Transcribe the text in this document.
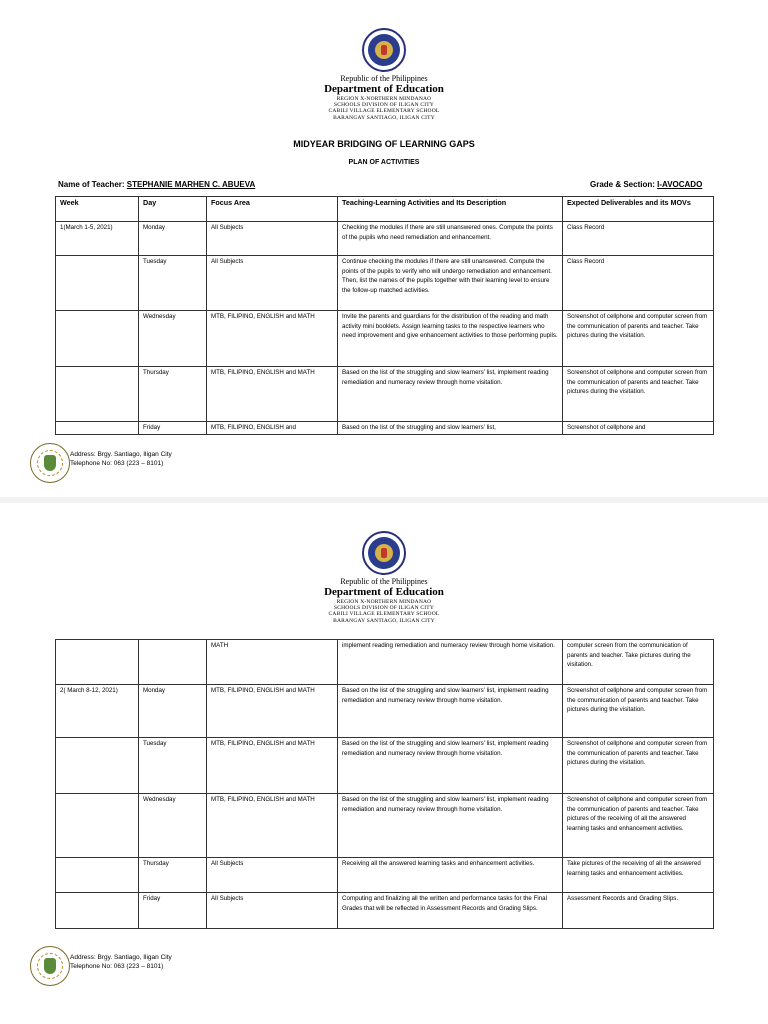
Republic of the Philippines
Department of Education
REGION X-NORTHERN MINDANAO
SCHOOLS DIVISION OF ILIGAN CITY
CABILI VILLAGE ELEMENTARY SCHOOL
BARANGAY SANTIAGO, ILIGAN CITY
MIDYEAR BRIDGING OF LEARNING GAPS
PLAN OF ACTIVITIES
Name of Teacher: STEPHANIE MARHEN C. ABUEVA	Grade & Section: I-AVOCADO
Week	Day	Focus Area	Teaching-Learning Activities and Its Description	Expected Deliverables and its MOVs
1(March 1-5, 2021)	Monday	All Subjects	Checking the modules if there are still unanswered ones. Compute the points of the pupils who need remediation and enhancement.	Class Record
	Tuesday	All Subjects	Continue checking the modules if there are still unanswered. Compute the points of the pupils to verify who will undergo remediation and enhancement. Then, list the names of the pupils together with their learning level to ensure the follow-up matched activities.	Class Record
	Wednesday	MTB, FILIPINO, ENGLISH and MATH	Invite the parents and guardians for the distribution of the reading and math activity mini booklets. Assign learning tasks to the respective learners who need improvement and give enhancement activities to those performing pupils.	Screenshot of cellphone and computer screen from the communication of parents and teacher. Take pictures during the visitation.
	Thursday	MTB, FILIPINO, ENGLISH and MATH	Based on the list of the struggling and slow learners' list, implement reading remediation and numeracy review through home visitation.	Screenshot of cellphone and computer screen from the communication of parents and teacher. Take pictures during the visitation.
	Friday	MTB, FILIPINO, ENGLISH and	Based on the list of the struggling and slow learners' list,	Screenshot of cellphone and
Address: Brgy. Santiago, Iligan City
Telephone No: 063 (223 – 8101)
Republic of the Philippines
Department of Education
REGION X-NORTHERN MINDANAO
SCHOOLS DIVISION OF ILIGAN CITY
CABILI VILLAGE ELEMENTARY SCHOOL
BARANGAY SANTIAGO, ILIGAN CITY
		MATH	implement reading remediation and numeracy review through home visitation.	computer screen from the communication of parents and teacher. Take pictures during the visitation.
2( March 8-12, 2021)	Monday	MTB, FILIPINO, ENGLISH and MATH	Based on the list of the struggling and slow learners' list, implement reading remediation and numeracy review through home visitation.	Screenshot of cellphone and computer screen from the communication of parents and teacher. Take pictures during the visitation.
	Tuesday	MTB, FILIPINO, ENGLISH and MATH	Based on the list of the struggling and slow learners' list, implement reading remediation and numeracy review through home visitation.	Screenshot of cellphone and computer screen from the communication of parents and teacher. Take pictures during the visitation.
	Wednesday	MTB, FILIPINO, ENGLISH and MATH	Based on the list of the struggling and slow learners' list, implement reading remediation and numeracy review through home visitation.	Screenshot of cellphone and computer screen from the communication of parents and teacher. Take pictures of the receiving of all the answered learning tasks and enhancement activities.
	Thursday	All Subjects	Receiving all the answered learning tasks and enhancement activities.	Take pictures of the receiving of all the answered learning tasks and enhancement activities.
	Friday	All Subjects	Computing and finalizing all the written and performance tasks for the Final Grades that will be reflected in Assessment Records and Grading Slips.	Assessment Records and Grading Slips.
Address: Brgy. Santiago, Iligan City
Telephone No: 063 (223 – 8101)
